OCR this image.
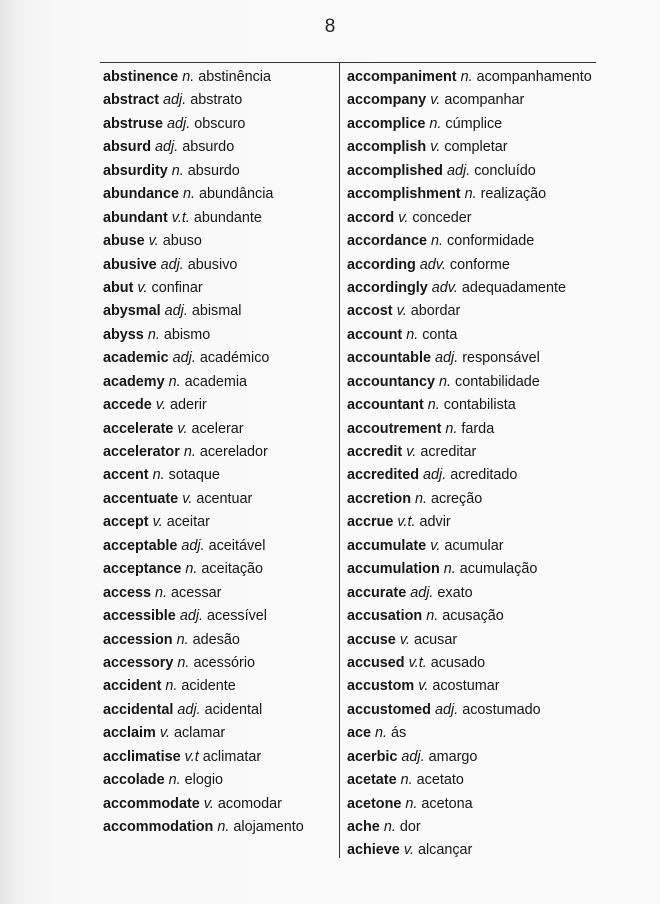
8
abstinence n. abstinência
abstract adj. abstrato
abstruse adj. obscuro
absurd adj. absurdo
absurdity n. absurdo
abundance n. abundância
abundant v.t. abundante
abuse v. abuso
abusive adj. abusivo
abut v. confinar
abysmal adj. abismal
abyss n. abismo
academic adj. académico
academy n. academia
accede v. aderir
accelerate v. acelerar
accelerator n. acerelador
accent n. sotaque
accentuate v. acentuar
accept v. aceitar
acceptable adj. aceitável
acceptance n. aceitação
access n. acessar
accessible adj. acessível
accession n. adesão
accessory n. acessório
accident n. acidente
accidental adj. acidental
acclaim v. aclamar
acclimatise v.t aclimatar
accolade n. elogio
accommodate v. acomodar
accommodation n. alojamento
accompaniment n. acompanhamento
accompany v. acompanhar
accomplice n. cúmplice
accomplish v. completar
accomplished adj. concluído
accomplishment n. realização
accord v. conceder
accordance n. conformidade
according adv. conforme
accordingly adv. adequadamente
accost v. abordar
account n. conta
accountable adj. responsável
accountancy n. contabilidade
accountant n. contabilista
accoutrement n. farda
accredit v. acreditar
accredited adj. acreditado
accretion n. acreção
accrue v.t. advir
accumulate v. acumular
accumulation n. acumulação
accurate adj. exato
accusation n. acusação
accuse v. acusar
accused v.t. acusado
accustom v. acostumar
accustomed adj. acostumado
ace n. ás
acerbic adj. amargo
acetate n. acetato
acetone n. acetona
ache n. dor
achieve v. alcançar
